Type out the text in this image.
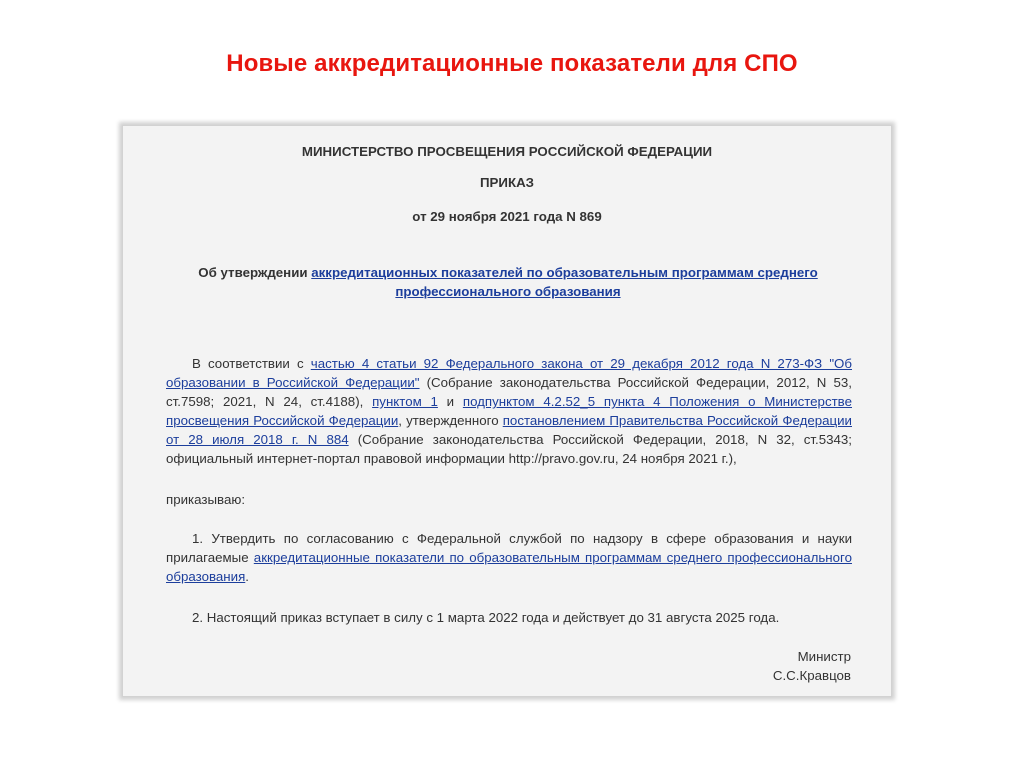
Новые аккредитационные показатели для СПО
МИНИСТЕРСТВО ПРОСВЕЩЕНИЯ РОССИЙСКОЙ ФЕДЕРАЦИИ
ПРИКАЗ
от 29 ноября 2021 года N 869
Об утверждении аккредитационных показателей по образовательным программам среднего профессионального образования
В соответствии с частью 4 статьи 92 Федерального закона от 29 декабря 2012 года N 273-ФЗ "Об образовании в Российской Федерации" (Собрание законодательства Российской Федерации, 2012, N 53, ст.7598; 2021, N 24, ст.4188), пунктом 1 и подпунктом 4.2.52_5 пункта 4 Положения о Министерстве просвещения Российской Федерации, утвержденного постановлением Правительства Российской Федерации от 28 июля 2018 г. N 884 (Собрание законодательства Российской Федерации, 2018, N 32, ст.5343; официальный интернет-портал правовой информации http://pravo.gov.ru, 24 ноября 2021 г.),
приказываю:
1. Утвердить по согласованию с Федеральной службой по надзору в сфере образования и науки прилагаемые аккредитационные показатели по образовательным программам среднего профессионального образования.
2. Настоящий приказ вступает в силу с 1 марта 2022 года и действует до 31 августа 2025 года.
Министр
С.С.Кравцов
